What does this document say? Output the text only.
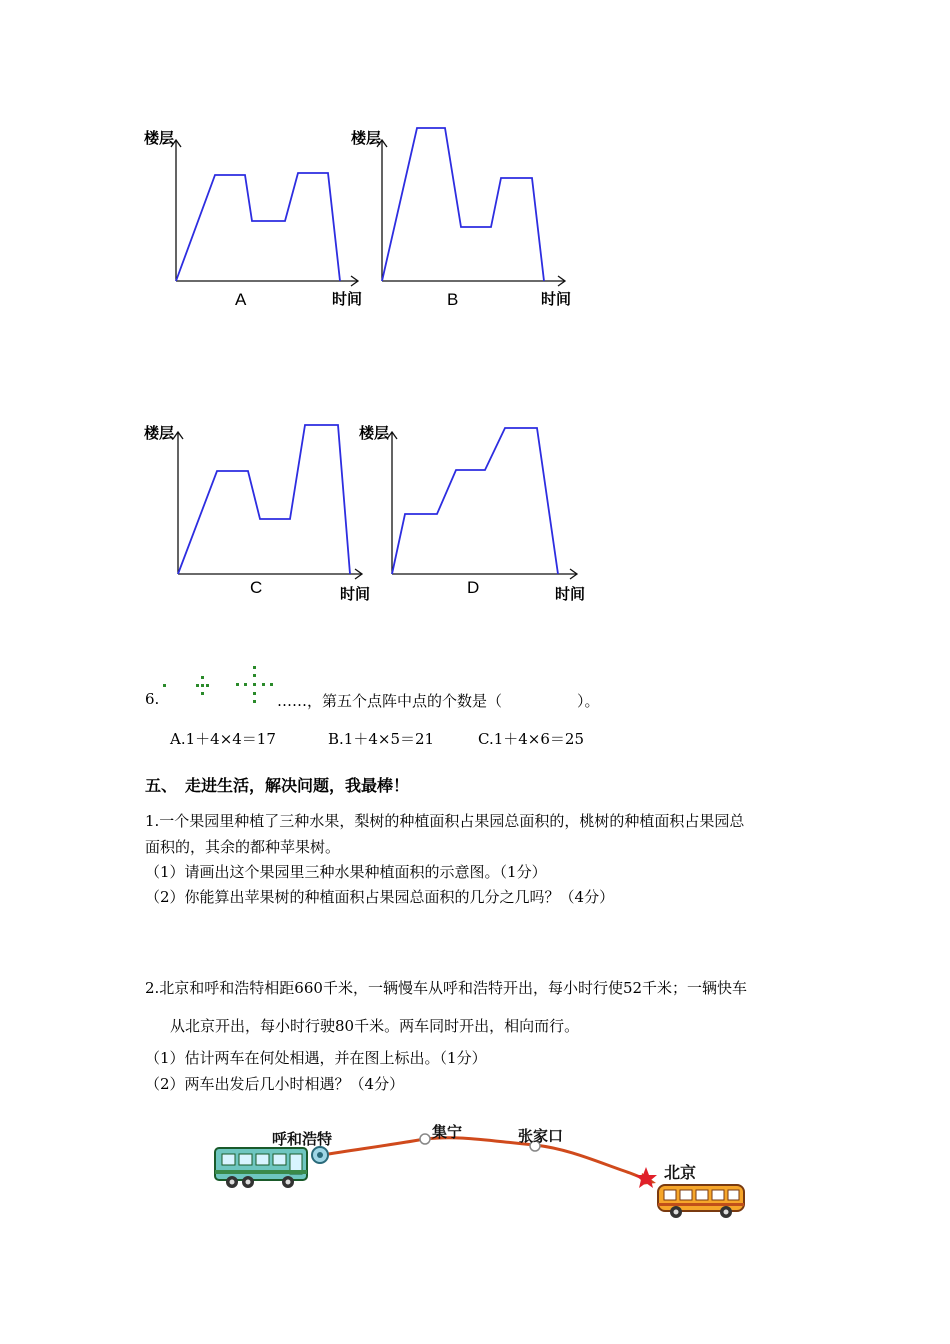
楼层
A	时间
楼层
B	时间
楼层
C	时间
楼层
D	时间
6.	……，第五个点阵中点的个数是（　　　　　）。
A.1＋4×4＝17	B.1＋4×5＝21	C.1＋4×6＝25
五、　走进生活，解决问题，我最棒！
1.一个果园里种植了三种水果，梨树的种植面积占果园总面积的，桃树的种植面积占果园总
面积的，其余的都种苹果树。
（1）请画出这个果园里三种水果种植面积的示意图。（1分）
（2）你能算出苹果树的种植面积占果园总面积的几分之几吗？（4分）
2.北京和呼和浩特相距660千米，一辆慢车从呼和浩特开出，每小时行使52千米；一辆快车
从北京开出，每小时行驶80千米。两车同时开出，相向而行。
（1）估计两车在何处相遇，并在图上标出。（1分）
（2）两车出发后几小时相遇？（4分）
呼和浩特	集宁	张家口
北京
